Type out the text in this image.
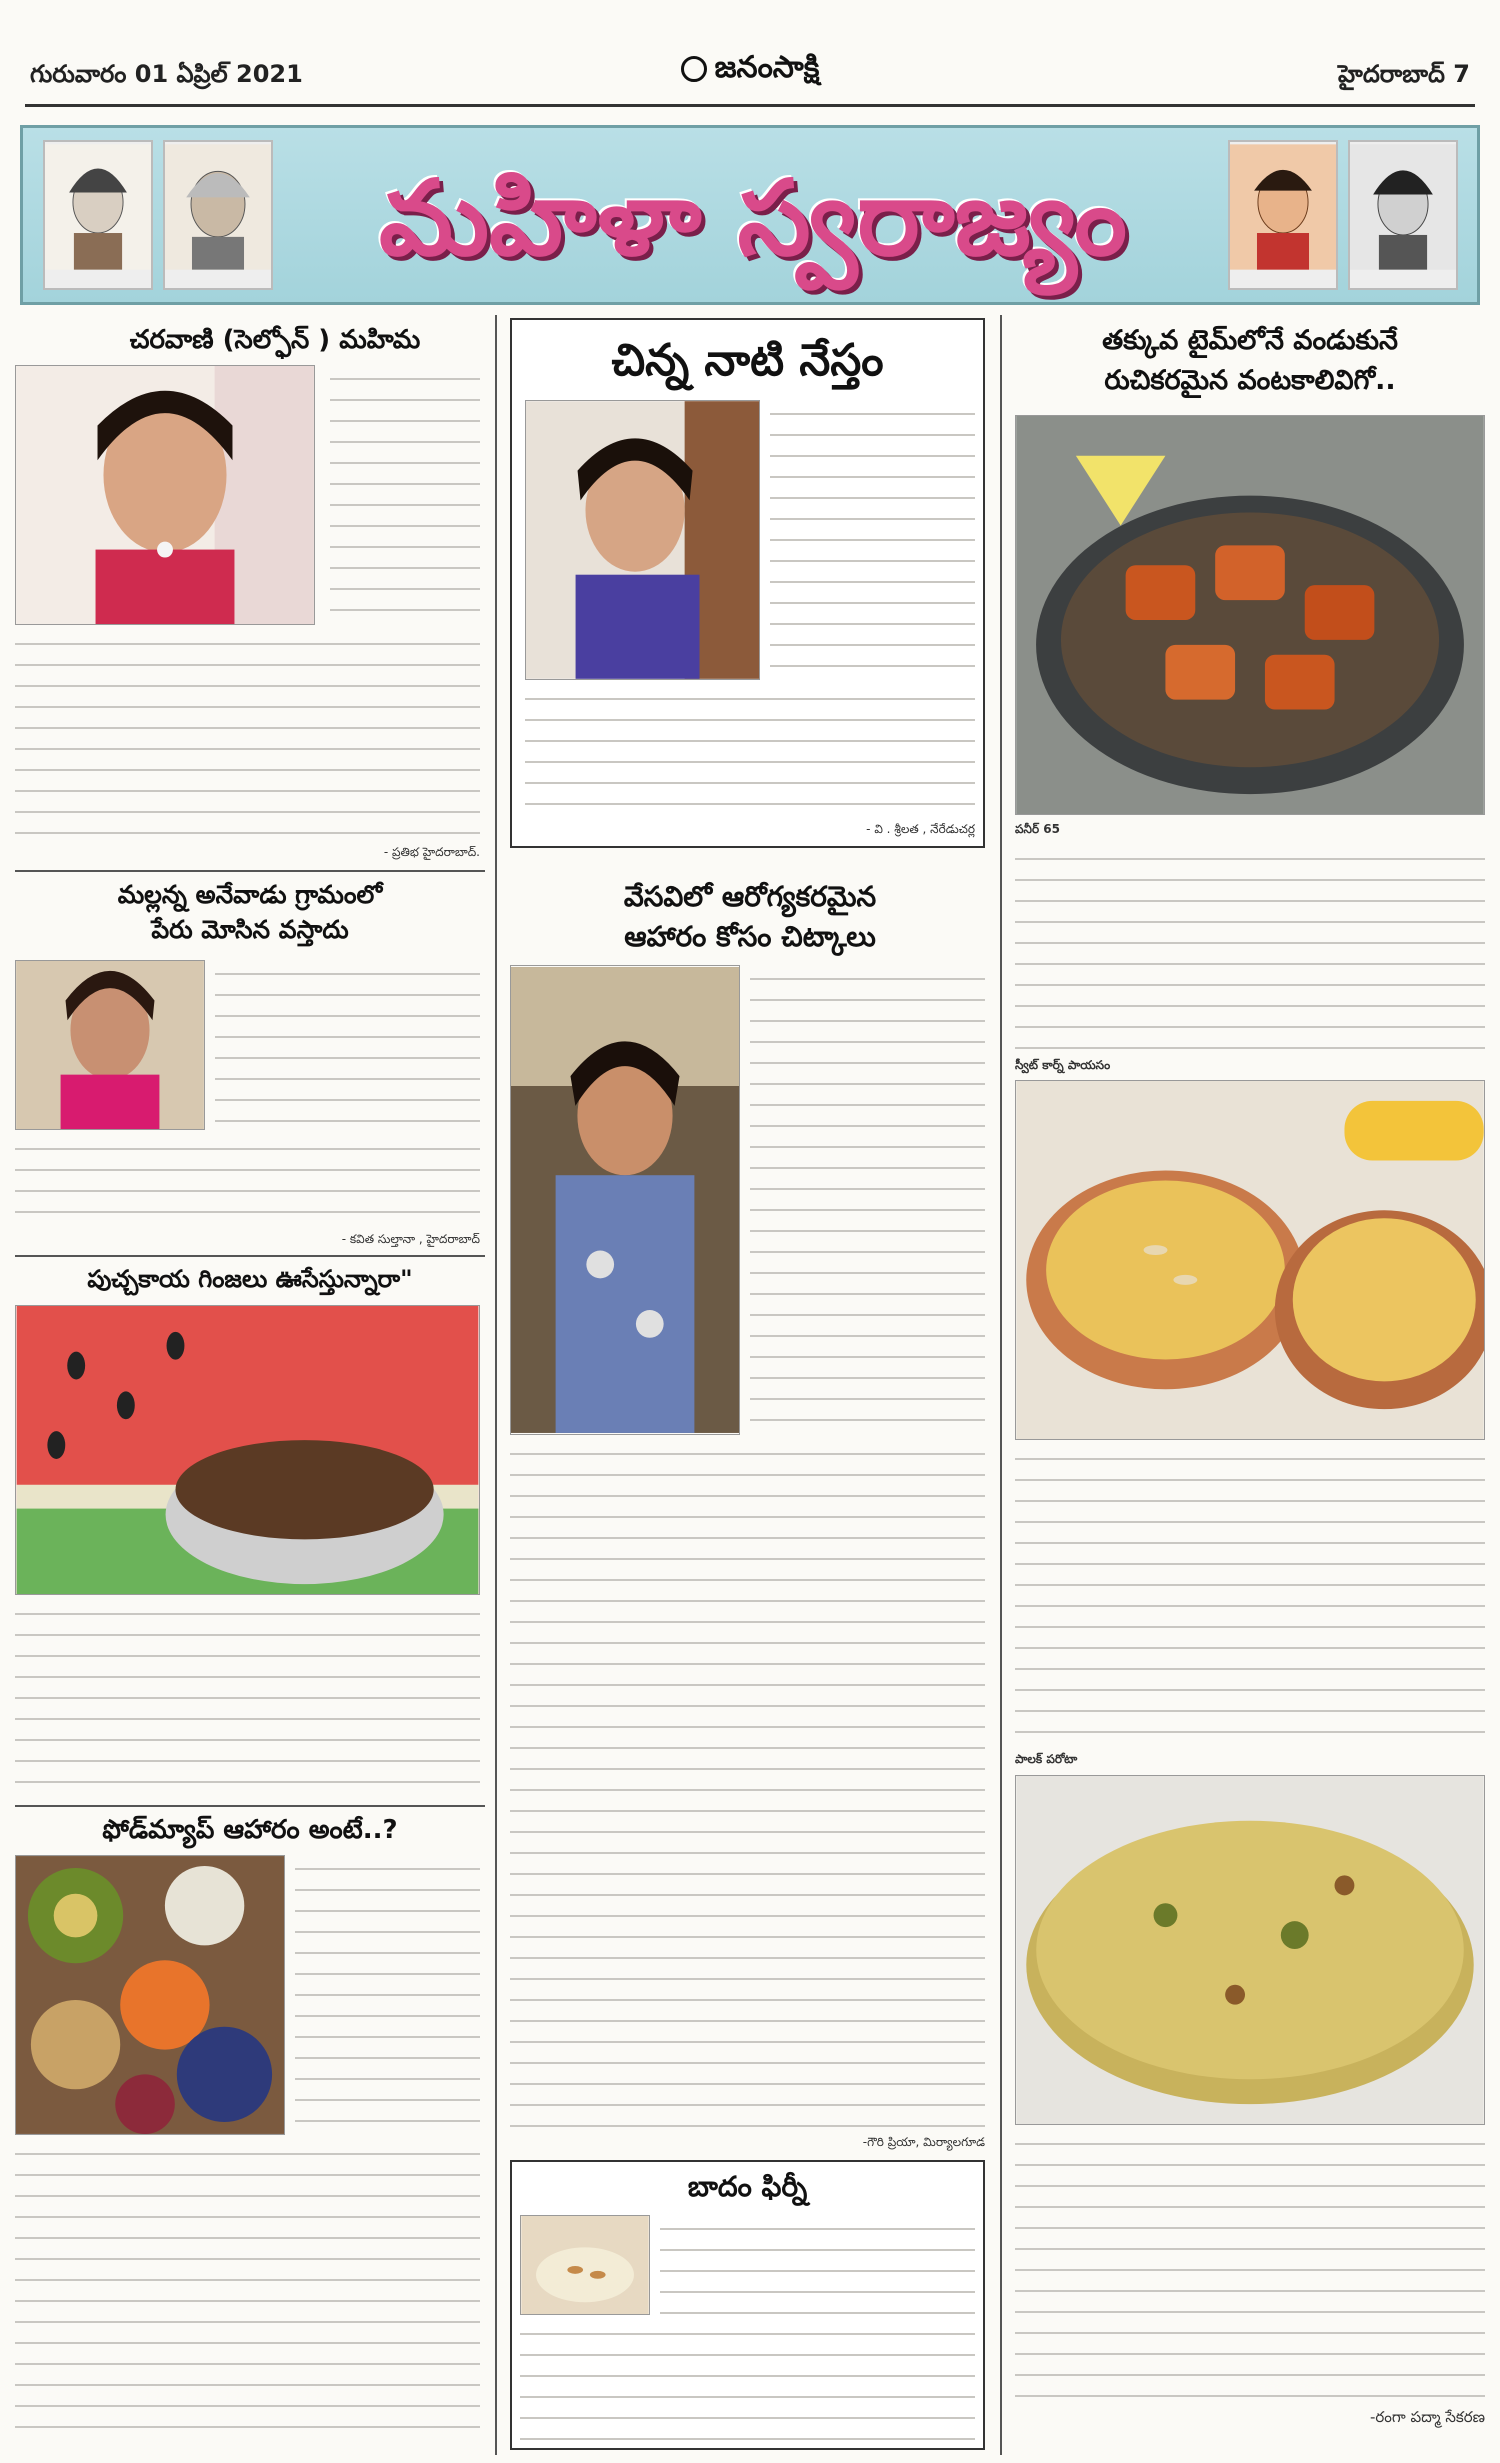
గురువారం 01 ఏప్రిల్ 2021	జనంసాక్షి	హైదరాబాద్ 7
మహిళా స్వరాజ్యం
చరవాణి (సెల్ఫోన్ ) మహిమ
- ప్రతిభ హైదరాబాద్.
మల్లన్న అనేవాడు గ్రామంలో
పేరు మోసిన వస్తాదు
- కవిత సుల్తానా , హైదరాబాద్
పుచ్చకాయ గింజలు ఊసేస్తున్నారా"
ఫోడ్‌మ్యాప్ ఆహారం అంటే..?
చిన్న నాటి నేస్తం
- వి . శ్రీలత , నేరేడుచర్ల
వేసవిలో ఆరోగ్యకరమైన
ఆహారం కోసం చిట్కాలు
-గౌరి ప్రియా, మిర్యాలగూడ
బాదం ఫిర్నీ
తక్కువ టైమ్‌లోనే వండుకునే
రుచికరమైన వంటకాలివిగో..
పనీర్ 65
స్వీట్ కార్న్ పాయసం
పాలక్ పరోటా
-రంగా పద్మా సేకరణ
